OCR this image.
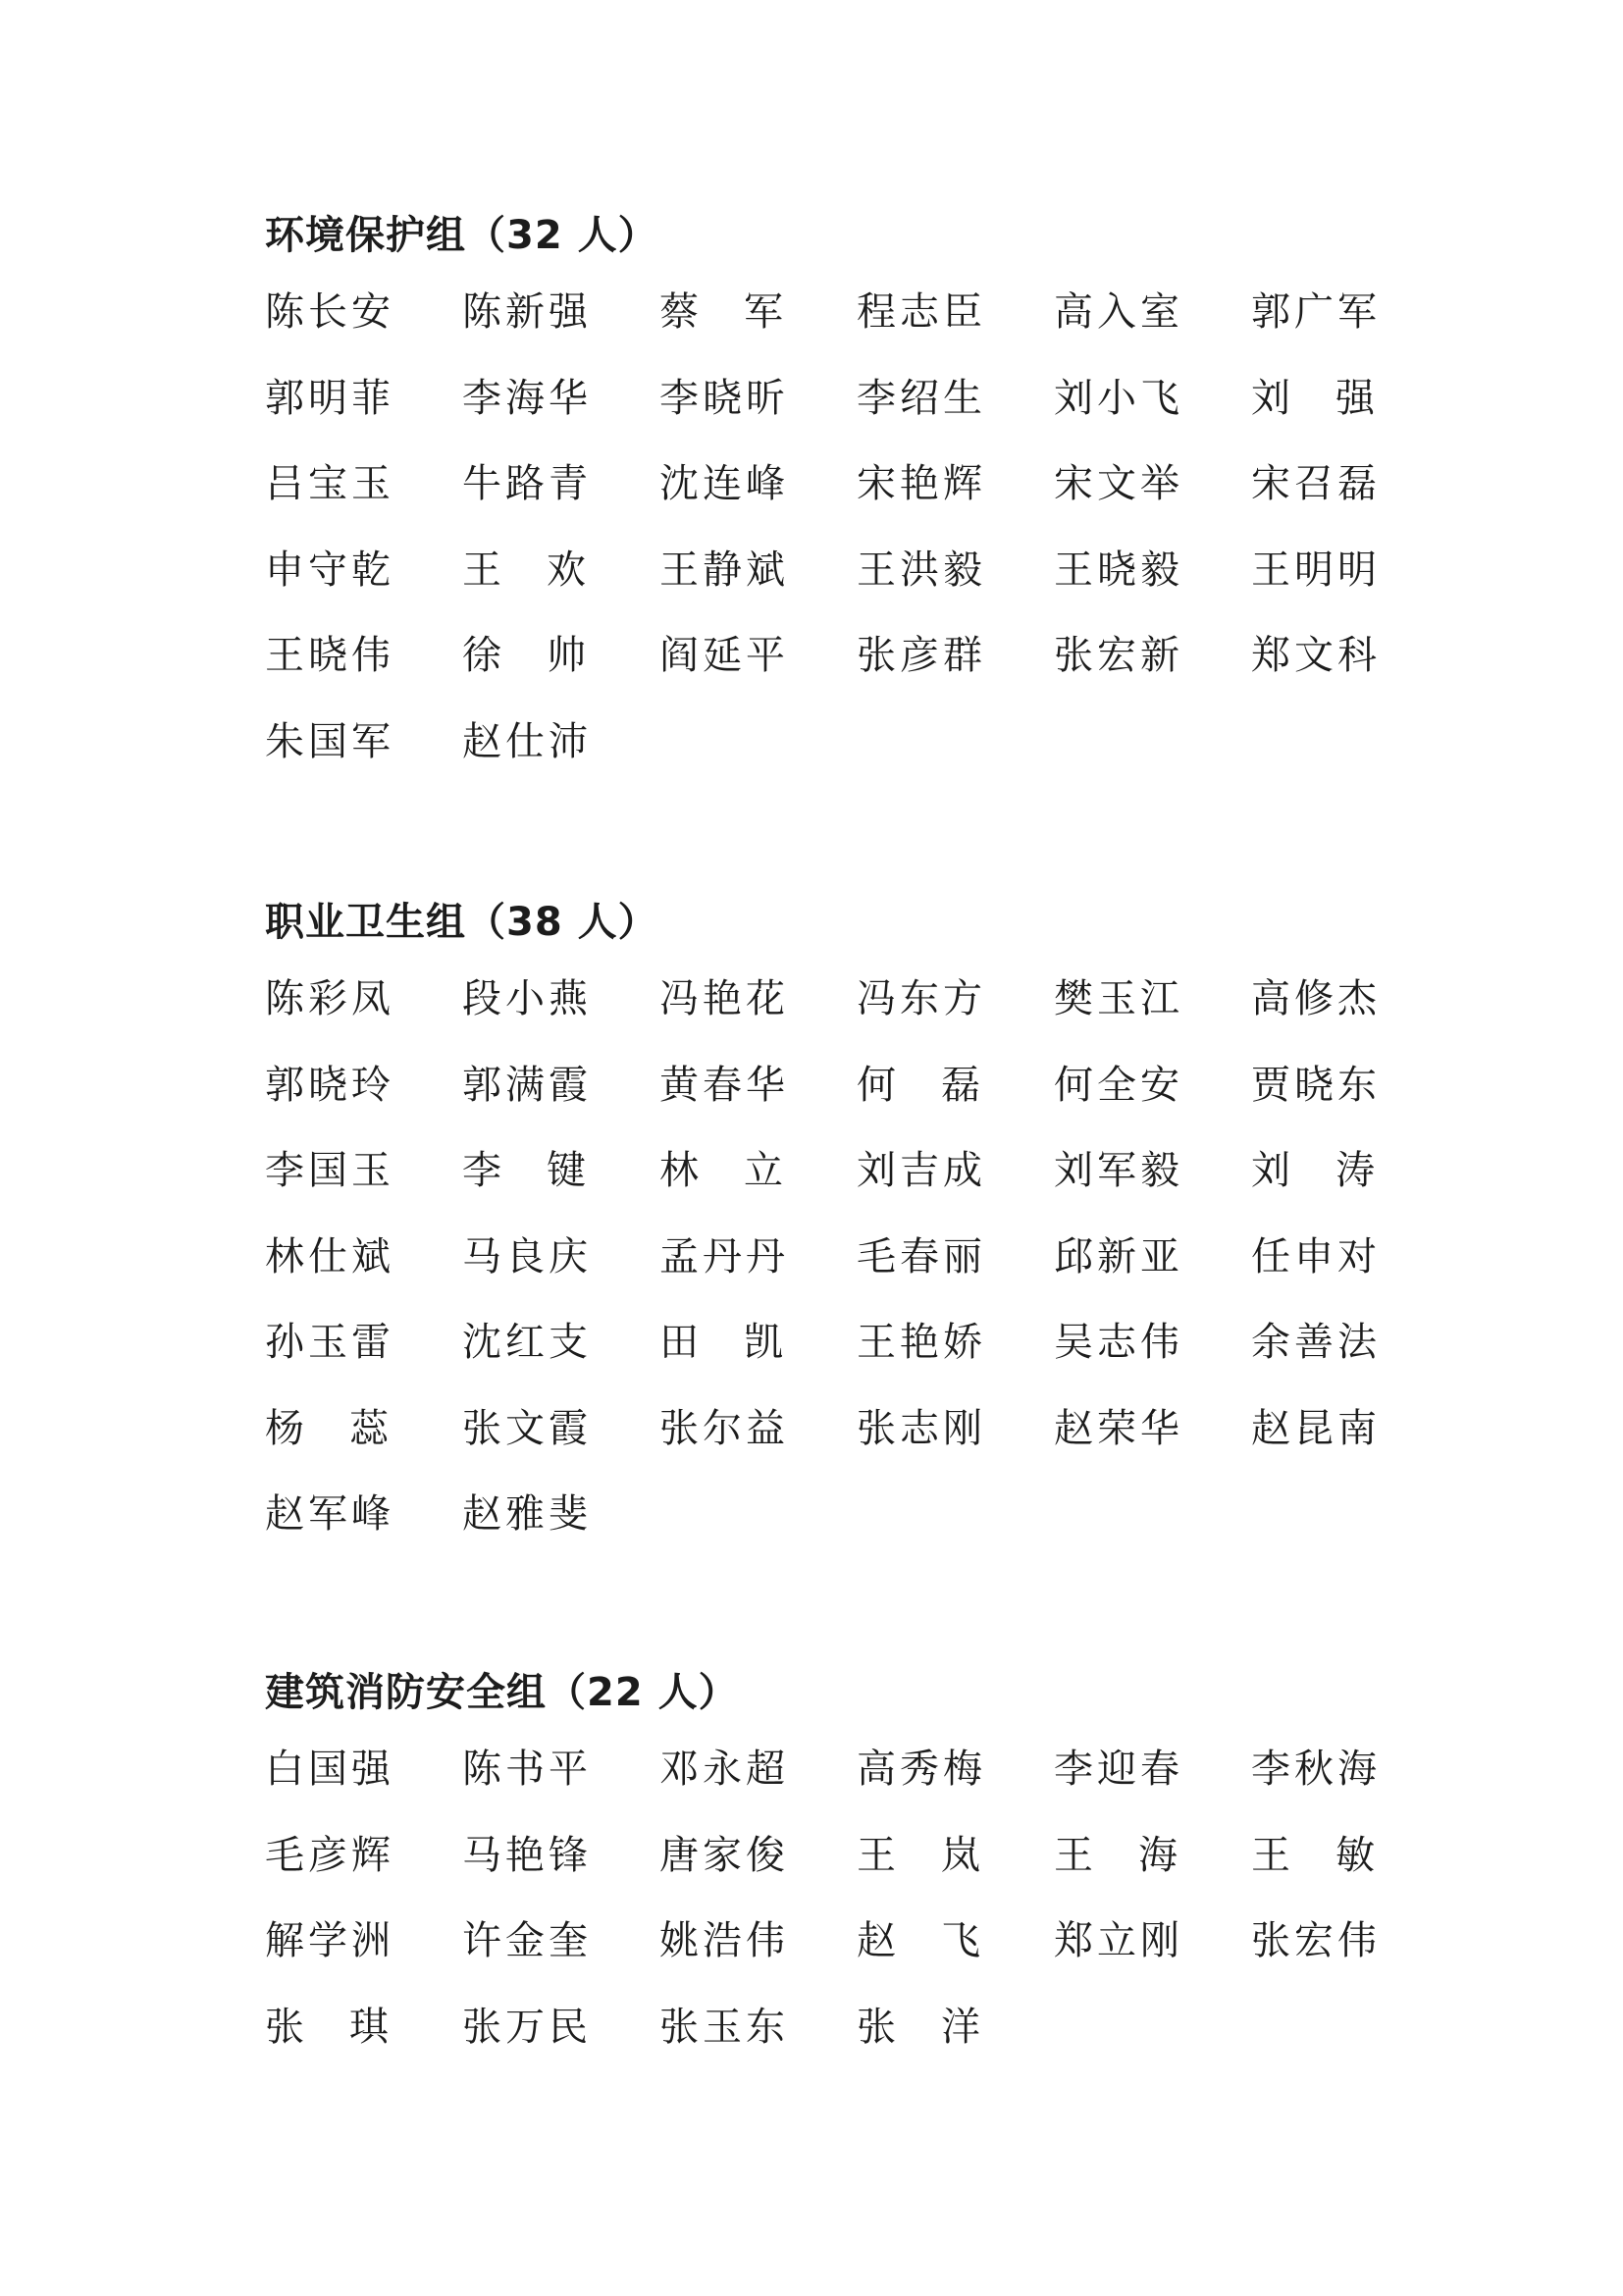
环境保护组（32 人）
陈长安 陈新强 蔡 军 程志臣 高入室 郭广军
郭明菲 李海华 李晓昕 李绍生 刘小飞 刘 强
吕宝玉 牛路青 沈连峰 宋艳辉 宋文举 宋召磊
申守乾 王 欢 王静斌 王洪毅 王晓毅 王明明
王晓伟 徐 帅 阎延平 张彦群 张宏新 郑文科
朱国军 赵仕沛
职业卫生组（38 人）
陈彩凤 段小燕 冯艳花 冯东方 樊玉江 高修杰
郭晓玲 郭满霞 黄春华 何 磊 何全安 贾晓东
李国玉 李 键 林 立 刘吉成 刘军毅 刘 涛
林仕斌 马良庆 孟丹丹 毛春丽 邱新亚 任申对
孙玉雷 沈红支 田 凯 王艳娇 吴志伟 余善法
杨 蕊 张文霞 张尔益 张志刚 赵荣华 赵昆南
赵军峰 赵雅斐
建筑消防安全组（22 人）
白国强 陈书平 邓永超 高秀梅 李迎春 李秋海
毛彦辉 马艳锋 唐家俊 王 岚 王 海 王 敏
解学洲 许金奎 姚浩伟 赵 飞 郑立刚 张宏伟
张 琪 张万民 张玉东 张 洋
